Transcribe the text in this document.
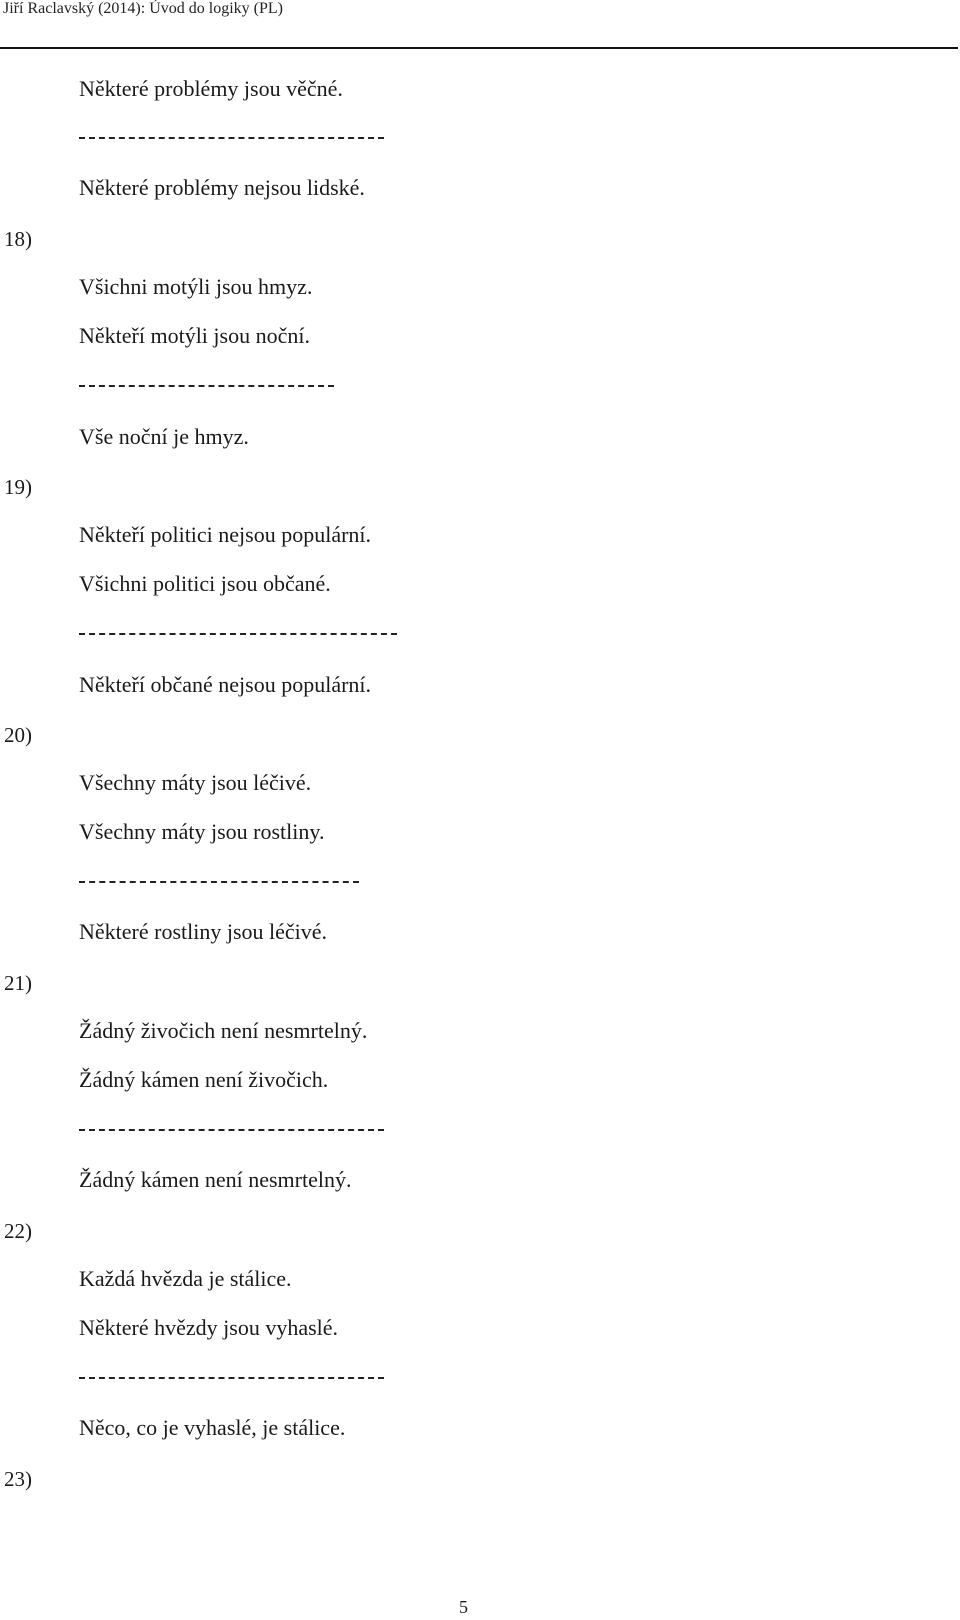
Jiří Raclavský (2014): Úvod do logiky (PL)
Některé problémy jsou věčné.
Některé problémy nejsou lidské.
18)
Všichni motýli jsou hmyz.
Někteří motýli jsou noční.
Vše noční je hmyz.
19)
Někteří politici nejsou populární.
Všichni politici jsou občané.
Někteří občané nejsou populární.
20)
Všechny máty jsou léčivé.
Všechny máty jsou rostliny.
Některé rostliny jsou léčivé.
21)
Žádný živočich není nesmrtelný.
Žádný kámen není živočich.
Žádný kámen není nesmrtelný.
22)
Každá hvězda je stálice.
Některé hvězdy jsou vyhaslé.
Něco, co je vyhaslé, je stálice.
23)
5
